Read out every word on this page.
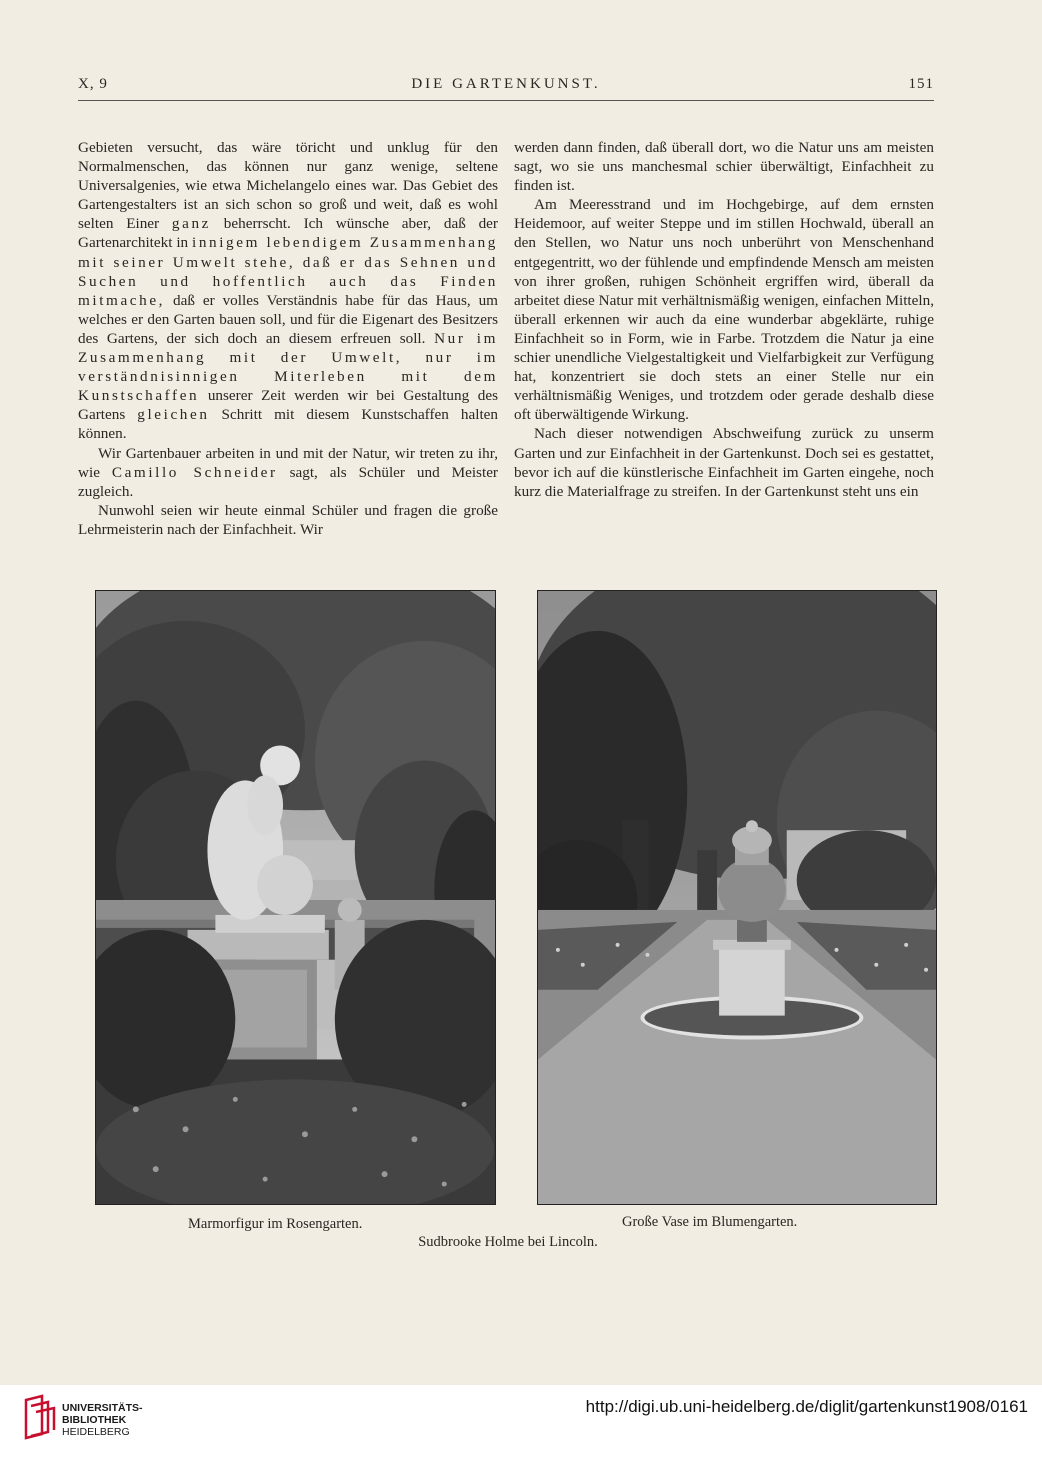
X, 9	DIE GARTENKUNST.	151

Gebieten versucht, das wäre töricht und unklug für den Normalmenschen, das können nur ganz wenige, seltene Universalgenies, wie etwa Michelangelo eines war. Das Gebiet des Gartengestalters ist an sich schon so groß und weit, daß es wohl selten Einer ganz beherrscht. Ich wünsche aber, daß der Gartenarchitekt in innigem lebendigem Zusammenhang mit seiner Umwelt stehe, daß er das Sehnen und Suchen und hoffentlich auch das Finden mitmache, daß er volles Verständnis habe für das Haus, um welches er den Garten bauen soll, und für die Eigenart des Besitzers des Gartens, der sich doch an diesem erfreuen soll. Nur im Zusammenhang mit der Umwelt, nur im verständnisinnigen Miterleben mit dem Kunstschaffen unserer Zeit werden wir bei Gestaltung des Gartens gleichen Schritt mit diesem Kunstschaffen halten können.

Wir Gartenbauer arbeiten in und mit der Natur, wir treten zu ihr, wie Camillo Schneider sagt, als Schüler und Meister zugleich.

Nunwohl seien wir heute einmal Schüler und fragen die große Lehrmeisterin nach der Einfachheit. Wir

werden dann finden, daß überall dort, wo die Natur uns am meisten sagt, wo sie uns manchesmal schier überwältigt, Einfachheit zu finden ist.

Am Meeresstrand und im Hochgebirge, auf dem ernsten Heidemoor, auf weiter Steppe und im stillen Hochwald, überall an den Stellen, wo Natur uns noch unberührt von Menschenhand entgegentritt, wo der fühlende und empfindende Mensch am meisten von ihrer großen, ruhigen Schönheit ergriffen wird, überall da arbeitet diese Natur mit verhältnismäßig wenigen, einfachen Mitteln, überall erkennen wir auch da eine wunderbar abgeklärte, ruhige Einfachheit so in Form, wie in Farbe. Trotzdem die Natur ja eine schier unendliche Vielgestaltigkeit und Vielfarbigkeit zur Verfügung hat, konzentriert sie doch stets an einer Stelle nur ein verhältnismäßig Weniges, und trotzdem oder gerade deshalb diese oft überwältigende Wirkung.

Nach dieser notwendigen Abschweifung zurück zu unserm Garten und zur Einfachheit in der Gartenkunst. Doch sei es gestattet, bevor ich auf die künstlerische Einfachheit im Garten eingehe, noch kurz die Materialfrage zu streifen. In der Gartenkunst steht uns ein

Marmorfigur im Rosengarten.	Große Vase im Blumengarten.
Sudbrooke Holme bei Lincoln.
UNIVERSITÄTS-
BIBLIOTHEK
HEIDELBERG
http://digi.ub.uni-heidelberg.de/diglit/gartenkunst1908/0161
